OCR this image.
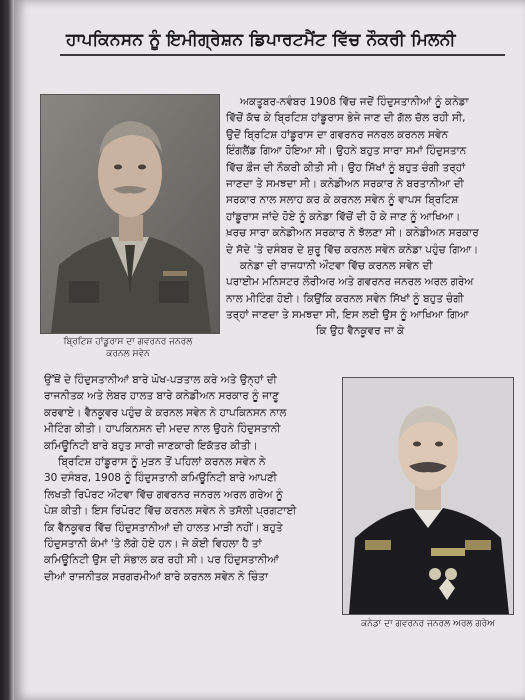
ਹਾਪਕਿਨਸਨ ਨੂੰ ਇਮੀਗ੍ਰੇਸ਼ਨ ਡਿਪਾਰਟਮੈਂਟ ਵਿੱਚ ਨੌਕਰੀ ਮਿਲਨੀ
ਬ੍ਰਿਟਿਸ਼ ਹਾਂਡੂਰਾਸ ਦਾ ਗਵਰਨਰ ਜਨਰਲ
ਕਰਨਲ ਸਵੇਨ
ਕਨੇਡਾ ਦਾ ਗਵਰਨਰ ਜਨਰਲ ਅਰਲ ਗਰੇਅ
ਅਕਤੂਬਰ-ਨਵੰਬਰ 1908 ਵਿੱਚ ਜਦੋਂ ਹਿੰਦੁਸਤਾਨੀਆਂ ਨੂੰ ਕਨੇਡਾ
ਵਿੱਚੋਂ ਕੱਢ ਕੇ ਬ੍ਰਿਟਿਸ਼ ਹਾਂਡੂਰਾਸ ਭੇਜੇ ਜਾਣ ਦੀ ਗੱਲ ਚੱਲ ਰਹੀ ਸੀ,
ਉਦੋਂ ਬ੍ਰਿਟਿਸ਼ ਹਾਂਡੂਰਾਸ ਦਾ ਗਵਰਨਰ ਜਨਰਲ ਕਰਨਲ ਸਵੇਨ
ਇੰਗਲੈਂਡ ਗਿਆ ਹੋਇਆ ਸੀ। ਉਹਨੇ ਬਹੁਤ ਸਾਰਾ ਸਮਾਂ ਹਿੰਦੁਸਤਾਨ
ਵਿੱਚ ਫ਼ੌਜ ਦੀ ਨੌਕਰੀ ਕੀਤੀ ਸੀ। ਉਹ ਸਿੱਖਾਂ ਨੂੰ ਬਹੁਤ ਚੰਗੀ ਤਰ੍ਹਾਂ
ਜਾਣਦਾ ਤੇ ਸਮਝਦਾ ਸੀ। ਕਨੇਡੀਅਨ ਸਰਕਾਰ ਨੇ ਬਰਤਾਨੀਆ ਦੀ
ਸਰਕਾਰ ਨਾਲ ਸਲਾਹ ਕਰ ਕੇ ਕਰਨਲ ਸਵੇਨ ਨੂੰ ਵਾਪਸ ਬ੍ਰਿਟਿਸ਼
ਹਾਂਡੂਰਾਸ ਜਾਂਦੇ ਹੋਏ ਨੂੰ ਕਨੇਡਾ ਵਿੱਚੋਂ ਦੀ ਹੋ ਕੇ ਜਾਣ ਨੂੰ ਆਖਿਆ।
ਖ਼ਰਚ ਸਾਰਾ ਕਨੇਡੀਅਨ ਸਰਕਾਰ ਨੇ ਝੱਲਣਾ ਸੀ। ਕਨੇਡੀਅਨ ਸਰਕਾਰ
ਦੇ ਸੱਦੇ 'ਤੇ ਦਸੰਬਰ ਦੇ ਸ਼ੁਰੂ ਵਿੱਚ ਕਰਨਲ ਸਵੇਨ ਕਨੇਡਾ ਪਹੁੰਚ ਗਿਆ।
ਕਨੇਡਾ ਦੀ ਰਾਜਧਾਨੀ ਔਟਵਾ ਵਿੱਚ ਕਰਨਲ ਸਵੇਨ ਦੀ
ਪਰਾਈਮ ਮਨਿਸਟਰ ਲੌਰੀਅਰ ਅਤੇ ਗਵਰਨਰ ਜਨਰਲ ਅਰਲ ਗਰੇਅ
ਨਾਲ ਮੀਟਿੰਗ ਹੋਈ। ਕਿਉਂਕਿ ਕਰਨਲ ਸਵੇਨ ਸਿੱਖਾਂ ਨੂੰ ਬਹੁਤ ਚੰਗੀ
ਤਰ੍ਹਾਂ ਜਾਣਦਾ ਤੇ ਸਮਝਦਾ ਸੀ, ਇਸ ਲਈ ਉਸ ਨੂੰ ਆਖਿਆ ਗਿਆ
ਕਿ ਉਹ ਵੈਨਕੂਵਰ ਜਾ ਕੇ
ਉੱਥੋਂ ਦੇ ਹਿੰਦੁਸਤਾਨੀਆਂ ਬਾਰੇ ਘੋਖ-ਪੜਤਾਲ ਕਰੇ ਅਤੇ ਉਨ੍ਹਾਂ ਦੀ
ਰਾਜਨੀਤਕ ਅਤੇ ਲੇਬਰ ਹਾਲਤ ਬਾਰੇ ਕਨੇਡੀਅਨ ਸਰਕਾਰ ਨੂੰ ਜਾਣੂ
ਕਰਵਾਏ। ਵੈਨਕੂਵਰ ਪਹੁੰਚ ਕੇ ਕਰਨਲ ਸਵੇਨ ਨੇ ਹਾਪਕਿਨਸਨ ਨਾਲ
ਮੀਟਿੰਗ ਕੀਤੀ। ਹਾਪਕਿਨਸਨ ਦੀ ਮਦਦ ਨਾਲ ਉਹਨੇ ਹਿੰਦੁਸਤਾਨੀ
ਕਮਿਊਨਿਟੀ ਬਾਰੇ ਬਹੁਤ ਸਾਰੀ ਜਾਣਕਾਰੀ ਇਕੱਤਰ ਕੀਤੀ।
ਬ੍ਰਿਟਿਸ਼ ਹਾਂਡੂਰਾਸ ਨੂੰ ਮੁੜਨ ਤੋਂ ਪਹਿਲਾਂ ਕਰਨਲ ਸਵੇਨ ਨੇ
30 ਦਸੰਬਰ, 1908 ਨੂੰ ਹਿੰਦੁਸਤਾਨੀ ਕਮਿਊਨਿਟੀ ਬਾਰੇ ਆਪਣੀ
ਲਿਖਤੀ ਰਿਪੋਰਟ ਔਟਵਾ ਵਿੱਚ ਗਵਰਨਰ ਜਨਰਲ ਅਰਲ ਗਰੇਅ ਨੂੰ
ਪੇਸ਼ ਕੀਤੀ। ਇਸ ਰਿਪੋਰਟ ਵਿੱਚ ਕਰਨਲ ਸਵੇਨ ਨੇ ਤਸੱਲੀ ਪ੍ਰਗਟਾਈ
ਕਿ ਵੈਨਕੂਵਰ ਵਿੱਚ ਹਿੰਦੁਸਤਾਨੀਆਂ ਦੀ ਹਾਲਤ ਮਾੜੀ ਨਹੀਂ। ਬਹੁਤੇ
ਹਿੰਦੁਸਤਾਨੀ ਕੰਮਾਂ 'ਤੇ ਲੱਗੇ ਹੋਏ ਹਨ। ਜੇ ਕੋਈ ਵਿਹਲਾ ਹੈ ਤਾਂ
ਕਮਿਊਨਿਟੀ ਉਸ ਦੀ ਸੰਭਾਲ ਕਰ ਰਹੀ ਸੀ। ਪਰ ਹਿੰਦੁਸਤਾਨੀਆਂ
ਦੀਆਂ ਰਾਜਨੀਤਕ ਸਰਗਰਮੀਆਂ ਬਾਰੇ ਕਰਨਲ ਸਵੇਨ ਨੇ ਚਿੰਤਾ
